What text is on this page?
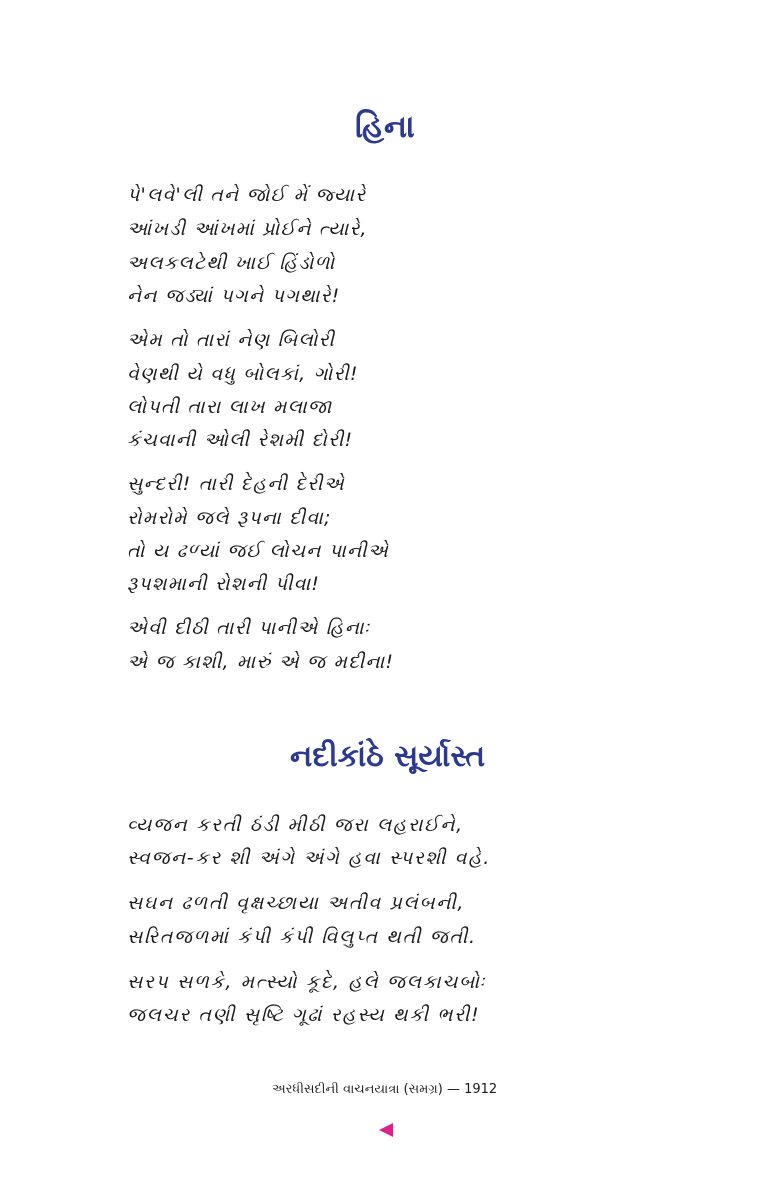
હિના

પે'લવે'લી તને જોઈ મેં જ્યારે

આંખડી આંખમાં પ્રોઈને ત્યારે,

અલકલટેથી ખાઈ હિંડોળો

નેન જડ્યાં પગને પગથારે!

એમ તો તારાં નેણ બિલોરી

વેણથી યે વધુ બોલકાં, ગોરી!

લોપતી તારા લાખ મલાજા

કંચવાની ઓલી રેશમી દોરી!

સુન્દરી! તારી દેહની દેરીએ

રોમરોમે જલે રૂપના દીવા;

તો ય ઢળ્યાં જઈ લોચન પાનીએ

રૂપશમાની રોશની પીવા!

એવી દીઠી તારી પાનીએ હિનાઃ

એ જ કાશી, મારું એ જ મદીના!

નદીકાંઠે સૂર્યાસ્ત

વ્યજન કરતી ઠંડી મીઠી જરા લહરાઈને,

સ્વજન-કર શી અંગે અંગે હવા સ્પરશી વહે.

સઘન ઢળતી વૃક્ષચ્છાયા અતીવ પ્રલંબની,

સરિતજળમાં કંપી કંપી વિલુપ્ત થતી જતી.

સરપ સળકે, મત્સ્યો કૂદે, હલે જલકાચબોઃ

જલચર તણી સૃષ્ટિ ગૂઢાં રહસ્ય થકી ભરી!

અરધીસદીની વાચનયાત્રા (સમગ્ર) — 1912
